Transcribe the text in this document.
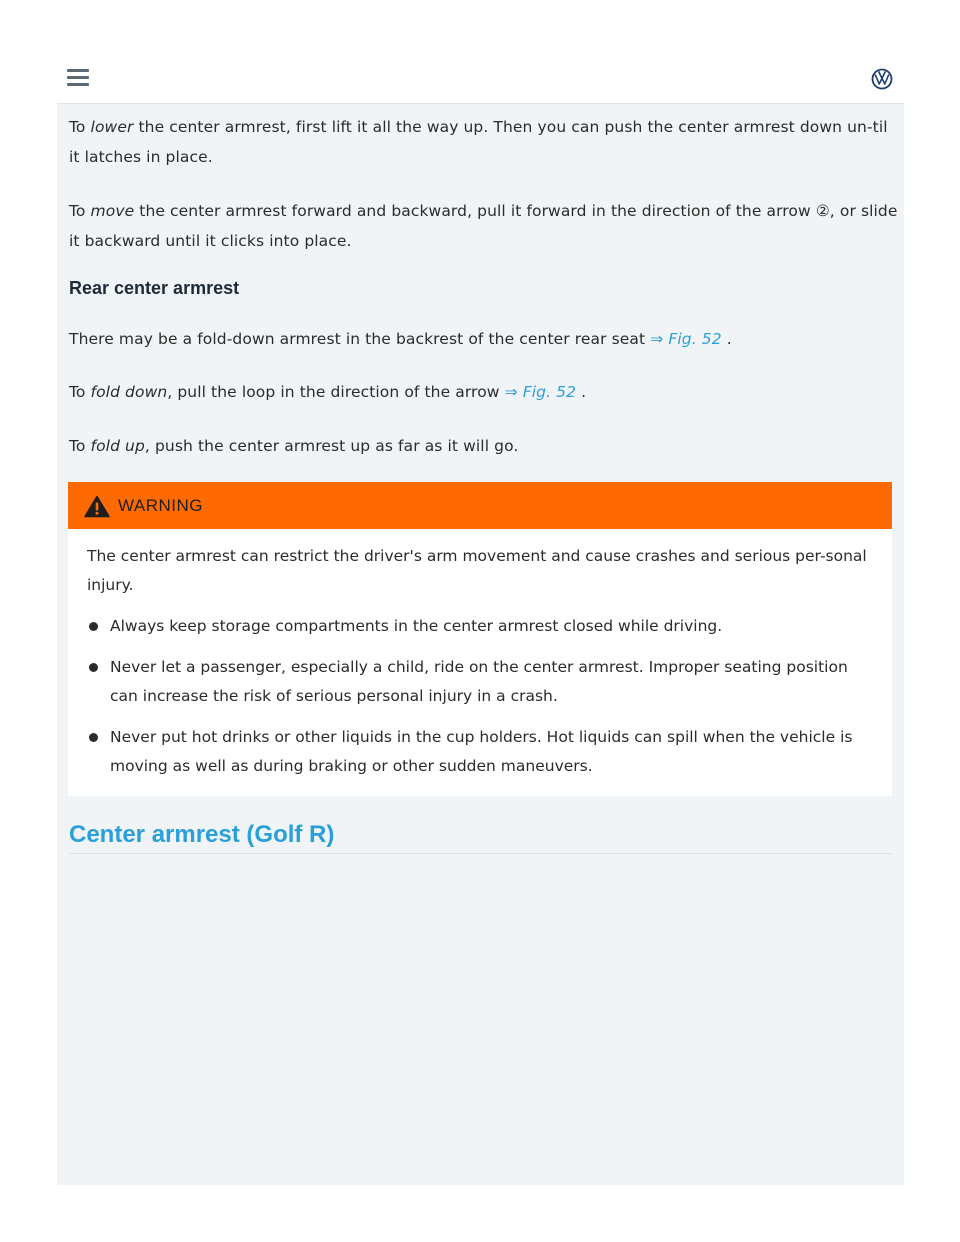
To lower the center armrest, first lift it all the way up. Then you can push the center armrest down un-til it latches in place.

To move the center armrest forward and backward, pull it forward in the direction of the arrow ②, or slide it backward until it clicks into place.

Rear center armrest

There may be a fold-down armrest in the backrest of the center rear seat ⇒ Fig. 52 .

To fold down, pull the loop in the direction of the arrow ⇒ Fig. 52 .

To fold up, push the center armrest up as far as it will go.

WARNING

The center armrest can restrict the driver's arm movement and cause crashes and serious per-sonal injury.

Always keep storage compartments in the center armrest closed while driving.
Never let a passenger, especially a child, ride on the center armrest. Improper seating position can increase the risk of serious personal injury in a crash.
Never put hot drinks or other liquids in the cup holders. Hot liquids can spill when the vehicle is moving as well as during braking or other sudden maneuvers.
Center armrest (Golf R)
